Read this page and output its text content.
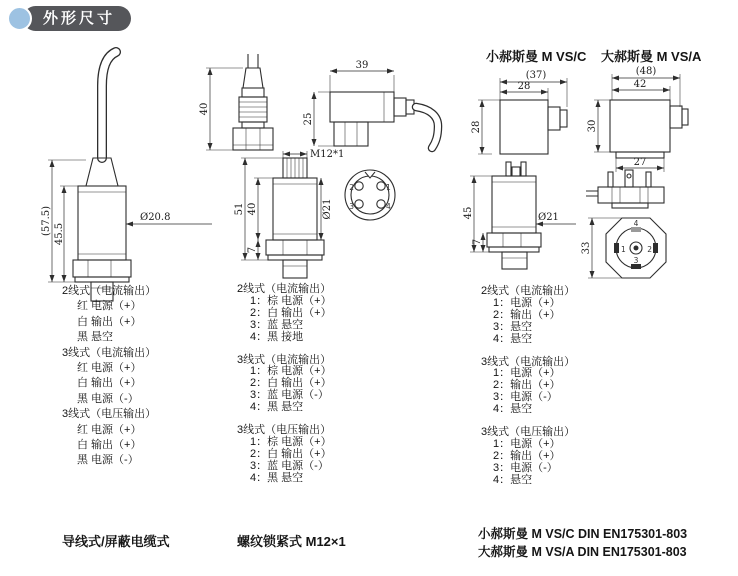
外形尺寸
(57.5) 45.5
Ø20.8
40
39
25
M12*1
51 40
7
Ø21
2	1
3	4
小郝斯曼 M VS/C 大郝斯曼 M VS/A
(37)
28
28
45
7
Ø21
(48)
42
30
27
1	2
3
4
33
2线式（电流输出）
红 电源（+）
白 输出（+）
黑 悬空
3线式（电流输出）
红 电源（+）
白 输出（+）
黑 电源（-）
3线式（电压输出）
红 电源（+）
白 输出（+）
黑 电源（-）
2线式（电流输出）
1：棕 电源（+）
2：白 输出（+）
3：蓝 悬空
4：黑 接地
3线式（电流输出）
1：棕 电源（+）
2：白 输出（+）
3：蓝 电源（-）
4：黑 悬空
3线式（电压输出）
1：棕 电源（+）
2：白 输出（+）
3：蓝 电源（-）
4：黑 悬空
2线式（电流输出）
1：电源（+）
2：输出（+）
3：悬空
4：悬空
3线式（电流输出）
1：电源（+）
2：输出（+）
3：电源（-）
4：悬空
3线式（电压输出）
1：电源（+）
2：输出（+）
3：电源（-）
4：悬空
导线式/屏蔽电缆式	螺纹锁紧式 M12×1	小郝斯曼 M VS/C DIN EN175301-803
大郝斯曼 M VS/A DIN EN175301-803
